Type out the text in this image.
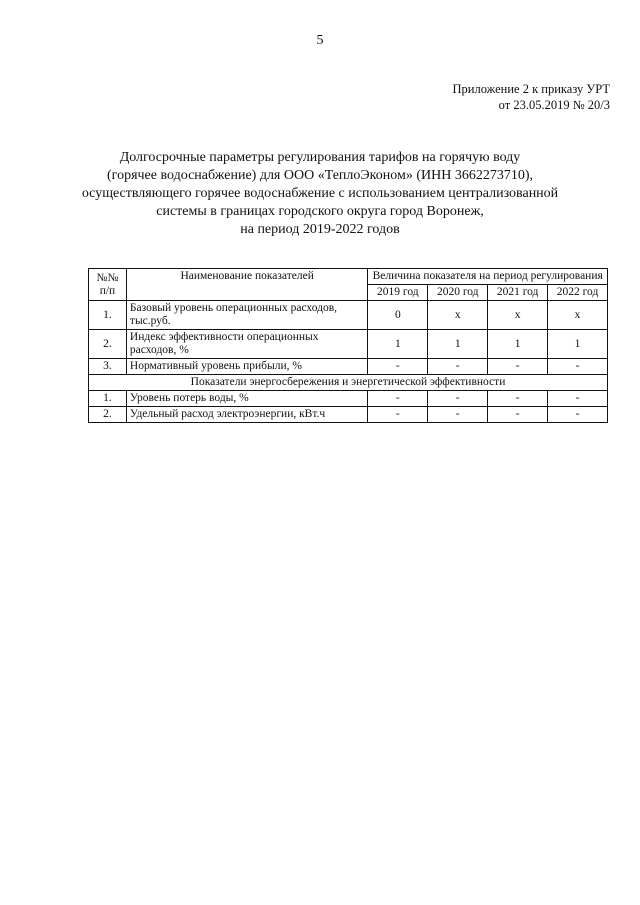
5
Приложение 2 к приказу УРТ
от 23.05.2019 № 20/3
Долгосрочные параметры регулирования тарифов на горячую воду
(горячее водоснабжение) для ООО «ТеплоЭконом» (ИНН 3662273710),
осуществляющего горячее водоснабжение с использованием централизованной
системы в границах городского округа город Воронеж,
на период 2019-2022 годов
№№ п/п	Наименование показателей	Величина показателя на период регулирования			
		2019 год	2020 год	2021 год	2022 год
1.	Базовый уровень операционных расходов, тыс.руб.	0	x	x	x
2.	Индекс эффективности операционных расходов, %	1	1	1	1
3.	Нормативный уровень прибыли, %	-	-	-	-
Показатели энергосбережения и энергетической эффективности					
1.	Уровень потерь воды, %	-	-	-	-
2.	Удельный расход электроэнергии, кВт.ч	-	-	-	-
